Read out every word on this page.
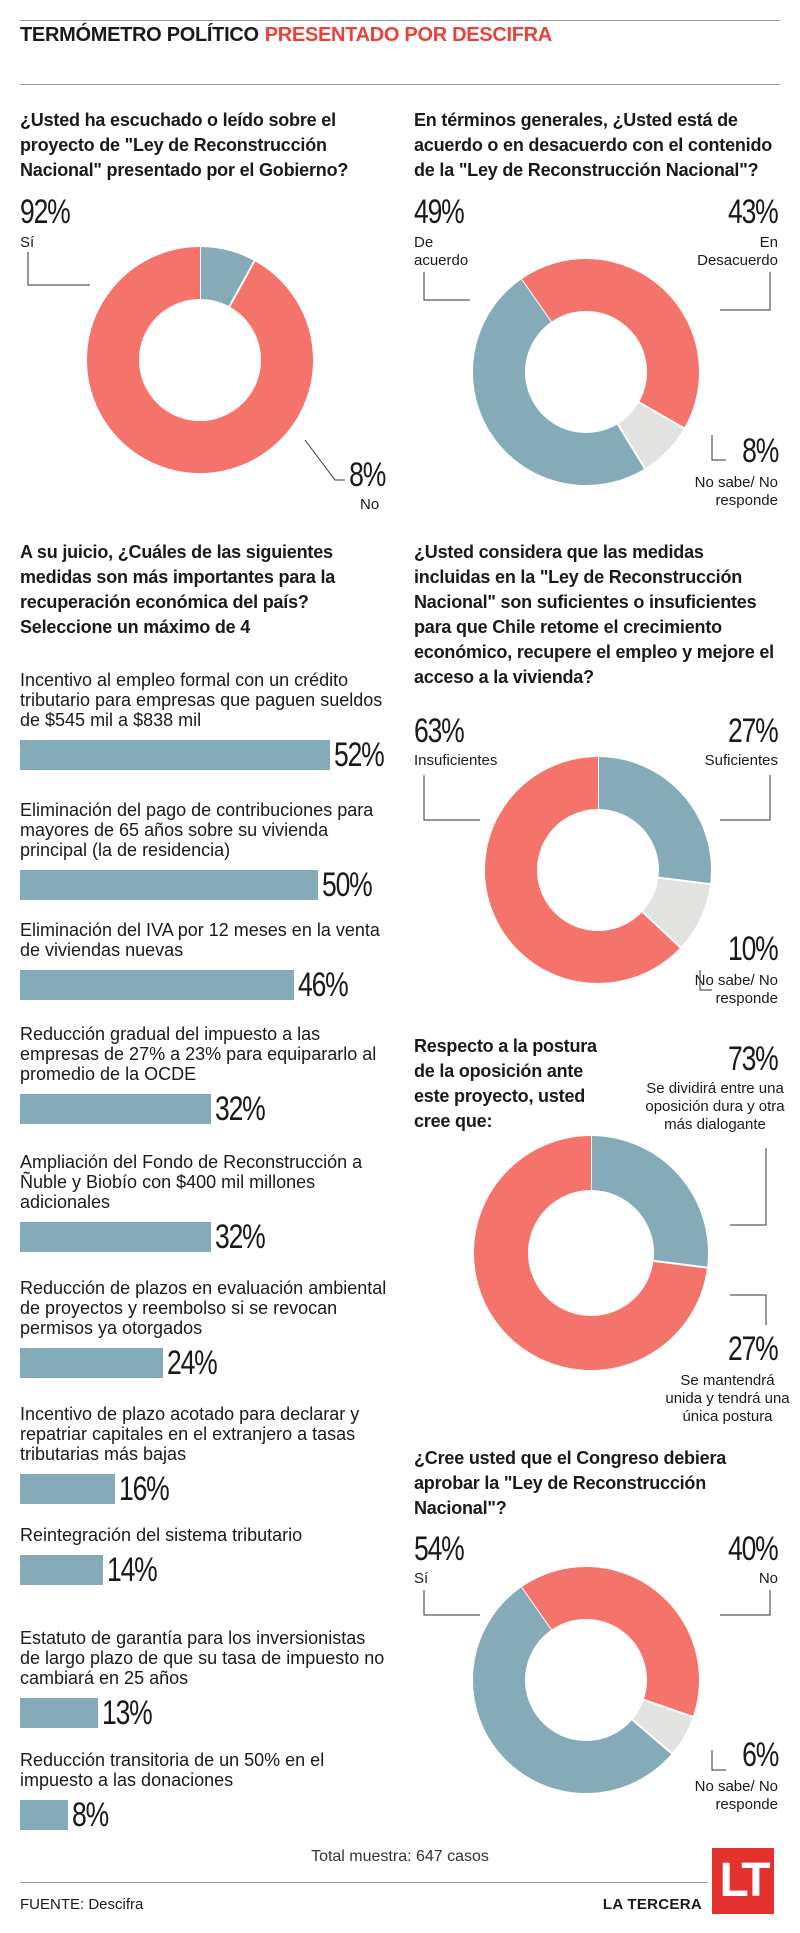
TERMÓMETRO POLÍTICO PRESENTADO POR DESCIFRA
¿Usted ha escuchado o leído sobre el proyecto de "Ley de Reconstrucción Nacional" presentado por el Gobierno?
92%
Sí
8%
No
En términos generales, ¿Usted está de acuerdo o en desacuerdo con el contenido de la "Ley de Reconstrucción Nacional"?
49%
De acuerdo
43%
En Desacuerdo
8%
No sabe/ No responde
A su juicio, ¿Cuáles de las siguientes medidas son más importantes para la recuperación económica del país? Seleccione un máximo de 4
Incentivo al empleo formal con un crédito tributario para empresas que paguen sueldos de $545 mil a $838 mil
52%
Eliminación del pago de contribuciones para mayores de 65 años sobre su vivienda principal (la de residencia)
50%
Eliminación del IVA por 12 meses en la venta de viviendas nuevas
46%
Reducción gradual del impuesto a las empresas de 27% a 23% para equipararlo al promedio de la OCDE
32%
Ampliación del Fondo de Reconstrucción a Ñuble y Biobío con $400 mil millones adicionales
32%
Reducción de plazos en evaluación ambiental de proyectos y reembolso si se revocan permisos ya otorgados
24%
Incentivo de plazo acotado para declarar y repatriar capitales en el extranjero a tasas tributarias más bajas
16%
Reintegración del sistema tributario
14%
Estatuto de garantía para los inversionistas de largo plazo de que su tasa de impuesto no cambiará en 25 años
13%
Reducción transitoria de un 50% en el impuesto a las donaciones
8%
¿Usted considera que las medidas incluidas en la "Ley de Reconstrucción Nacional" son suficientes o insuficientes para que Chile retome el crecimiento económico, recupere el empleo y mejore el acceso a la vivienda?
63%
Insuficientes
27%
Suficientes
10%
No sabe/ No responde
Respecto a la postura de la oposición ante este proyecto, usted cree que:
73%
Se dividirá entre una oposición dura y otra más dialogante
27%
Se mantendrá unida y tendrá una única postura
¿Cree usted que el Congreso debiera aprobar la "Ley de Reconstrucción Nacional"?
54%
Sí
40%
No
6%
No sabe/ No responde
Total muestra: 647 casos
FUENTE: Descifra	LA TERCERA LT
